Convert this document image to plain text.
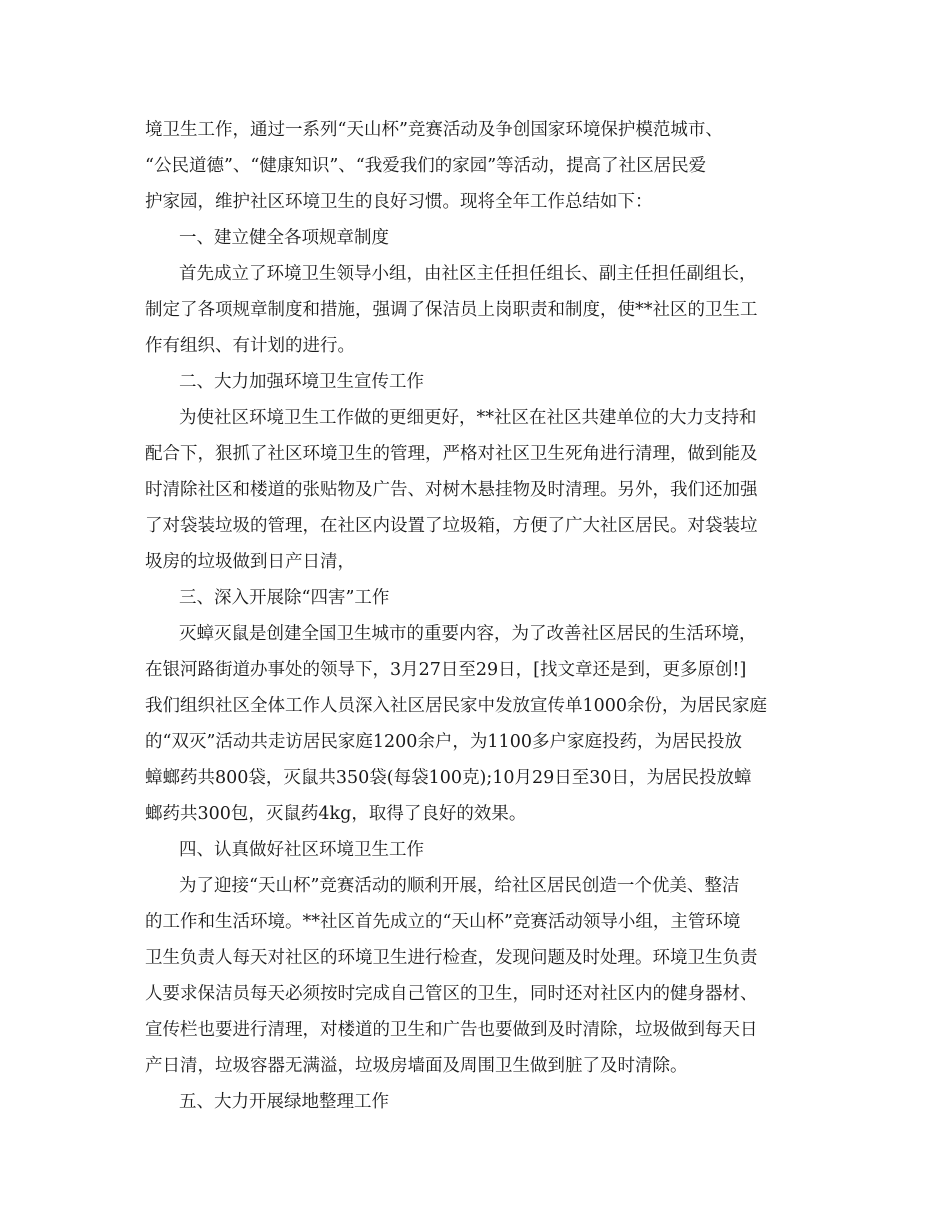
境卫生工作，通过一系列“天山杯”竞赛活动及争创国家环境保护模范城市、
“公民道德”、“健康知识”、“我爱我们的家园”等活动，提高了社区居民爱
护家园，维护社区环境卫生的良好习惯。现将全年工作总结如下：
一、建立健全各项规章制度
首先成立了环境卫生领导小组，由社区主任担任组长、副主任担任副组长，
制定了各项规章制度和措施，强调了保洁员上岗职责和制度，使**社区的卫生工
作有组织、有计划的进行。
二、大力加强环境卫生宣传工作
为使社区环境卫生工作做的更细更好，**社区在社区共建单位的大力支持和
配合下，狠抓了社区环境卫生的管理，严格对社区卫生死角进行清理，做到能及
时清除社区和楼道的张贴物及广告、对树木悬挂物及时清理。另外，我们还加强
了对袋装垃圾的管理，在社区内设置了垃圾箱，方便了广大社区居民。对袋装垃
圾房的垃圾做到日产日清，
三、深入开展除“四害”工作
灭蟑灭鼠是创建全国卫生城市的重要内容，为了改善社区居民的生活环境，
在银河路街道办事处的领导下，3月27日至29日，[找文章还是到，更多原创!]
我们组织社区全体工作人员深入社区居民家中发放宣传单1000余份，为居民家庭
的“双灭”活动共走访居民家庭1200余户，为1100多户家庭投药，为居民投放
蟑螂药共800袋，灭鼠共350袋(每袋100克);10月29日至30日，为居民投放蟑
螂药共300包，灭鼠药4kg，取得了良好的效果。
四、认真做好社区环境卫生工作
为了迎接“天山杯”竞赛活动的顺利开展，给社区居民创造一个优美、整洁
的工作和生活环境。**社区首先成立的“天山杯”竞赛活动领导小组，主管环境
卫生负责人每天对社区的环境卫生进行检查，发现问题及时处理。环境卫生负责
人要求保洁员每天必须按时完成自己管区的卫生，同时还对社区内的健身器材、
宣传栏也要进行清理，对楼道的卫生和广告也要做到及时清除，垃圾做到每天日
产日清，垃圾容器无满溢，垃圾房墙面及周围卫生做到脏了及时清除。
五、大力开展绿地整理工作
